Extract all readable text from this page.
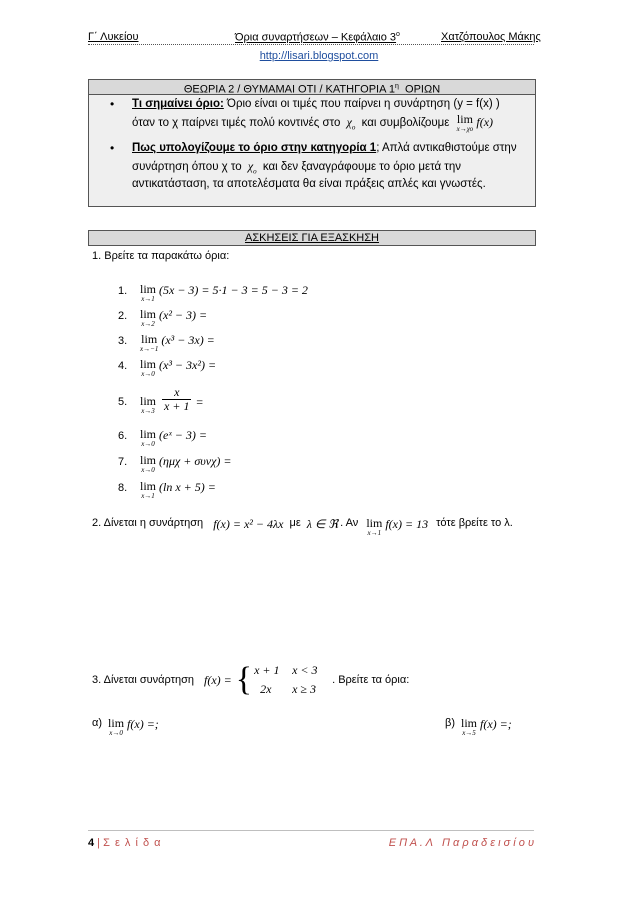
Γ΄ Λυκείου	Όρια συναρτήσεων – Κεφάλαιο $3^o$	Χατζόπουλος Μάκης
http://lisari.blogspot.com
ΘΕΩΡΙΑ 2 / ΘΥΜΑΜΑΙ ΟΤΙ / ΚΑΤΗΓΟΡΙΑ $1^\eta$ ΟΡΙΩΝ
• Τι σημαίνει όριο: Όριο είναι οι τιμές που παίρνει η συνάρτηση (y = f(x) )
όταν το χ παίρνει τιμές πολύ κοντινές στο $\chi_o$ και συμβολίζουμε lim
x→χο f(x)
• Πως υπολογίζουμε το όριο στην κατηγορία 1; Απλά αντικαθιστούμε στην
συνάρτηση όπου χ το $\chi_o$ και δεν ξαναγράφουμε το όριο μετά την
αντικατάσταση, τα αποτελέσματα θα είναι πράξεις απλές και γνωστές.
ΑΣΚΗΣΕΙΣ ΓΙΑ ΕΞΑΣΚΗΣΗ
1. Βρείτε τα παρακάτω όρια:
1.	lim
x→1
(5x − 3) = 5·1 − 3 = 5 − 3 = 2
2.	lim
x→2
(x² − 3) =
3.	lim
x→−1
(x³ − 3x) =
4.	lim
x→0
(x³ − 3x²) =
5.	lim
$x\to 3 \frac{x}{x + 1}$ =
6.	lim
x→0
(eˣ − 3) =
7.	lim
x→0
(ημχ + συνχ) =
8.	lim
x→1
(ln x + 5) =
2. Δίνεται η συνάρτηση f(x) = x² − 4λx με λ ∈ ℜ . Αν lim
x→1
f(x) = 13 τότε βρείτε το λ.
3. Δίνεται συνάρτηση f(x) = { x + 1	x < 3
2x	x ≥ 3
. Βρείτε τα όρια:
α) lim
x→0
f(x) =;	β) lim
x→5
f(x) =;
4 | Σ ε λ ί δ α	Ε Π Α . Λ   Π α ρ α δ ε ι σ ί ο υ
